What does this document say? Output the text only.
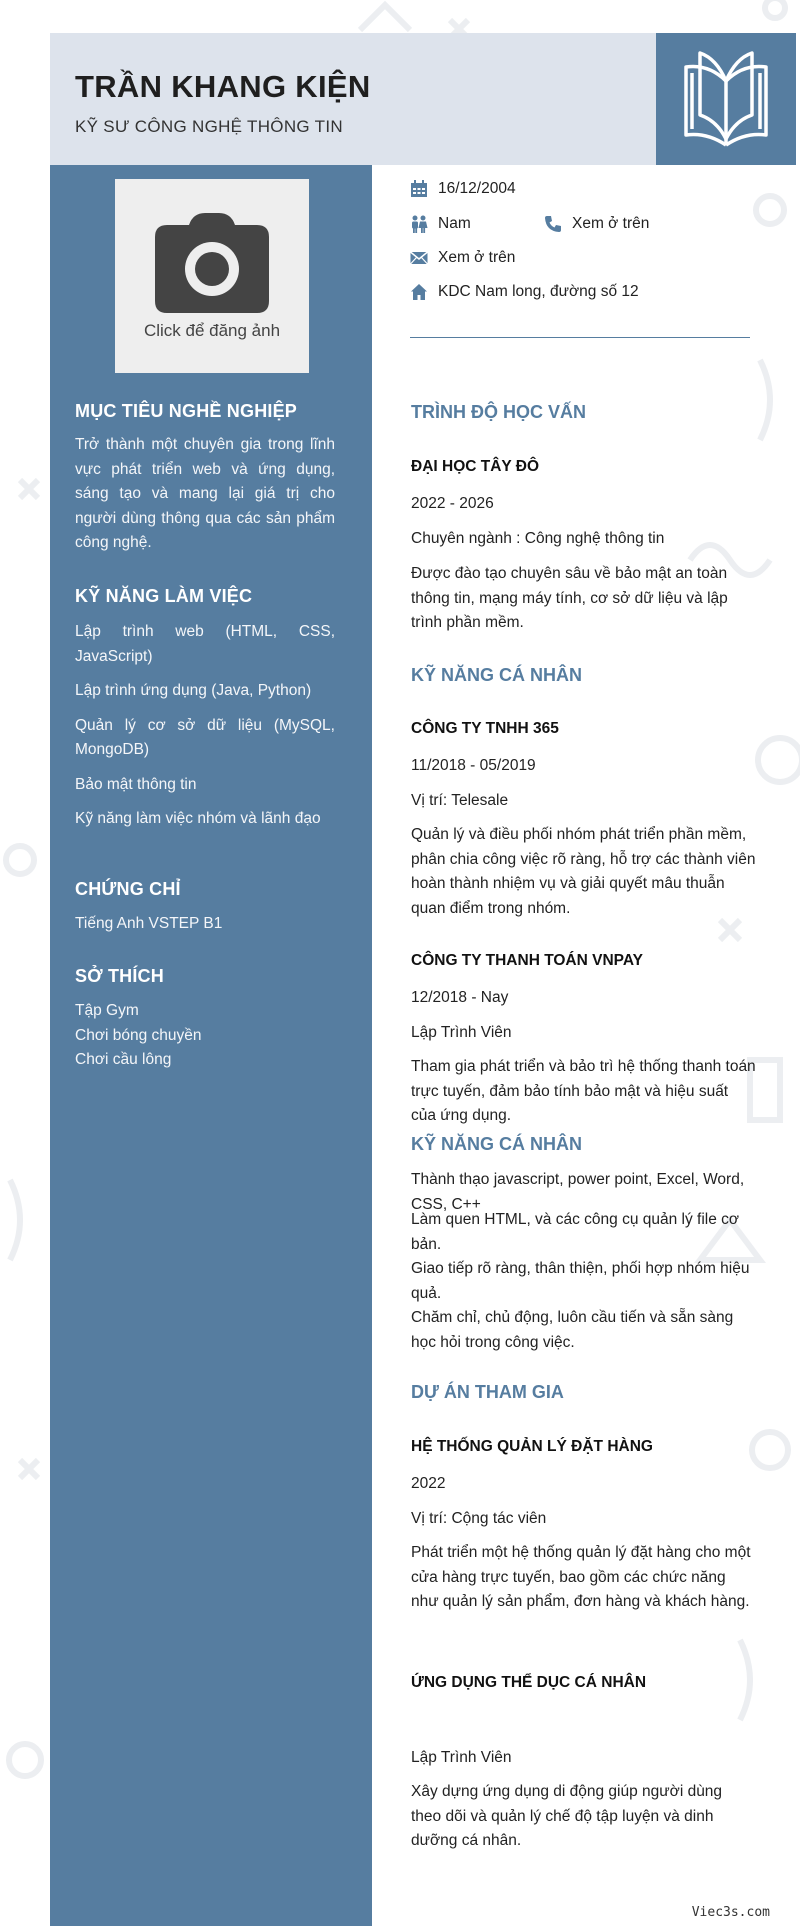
TRẦN KHANG KIỆN
KỸ SƯ CÔNG NGHỆ THÔNG TIN
Click để đăng ảnh
MỤC TIÊU NGHỀ NGHIỆP

Trở thành một chuyên gia trong lĩnh vực phát triển web và ứng dụng, sáng tạo và mang lại giá trị cho người dùng thông qua các sản phẩm công nghệ.

KỸ NĂNG LÀM VIỆC

Lập trình web (HTML, CSS, JavaScript)

Lập trình ứng dụng (Java, Python)

Quản lý cơ sở dữ liệu (MySQL, MongoDB)

Bảo mật thông tin

Kỹ năng làm việc nhóm và lãnh đạo

CHỨNG CHỈ

Tiếng Anh VSTEP B1

SỞ THÍCH

Tập Gym

Chơi bóng chuyền

Chơi cầu lông

16/12/2004
Nam	Xem ở trên
Xem ở trên
KDC Nam long, đường số 12

TRÌNH ĐỘ HỌC VẤN

ĐẠI HỌC TÂY ĐÔ

2022 - 2026

Chuyên ngành : Công nghệ thông tin

Được đào tạo chuyên sâu về bảo mật an toàn thông tin, mạng máy tính, cơ sở dữ liệu và lập trình phần mềm.

KỸ NĂNG CÁ NHÂN

CÔNG TY TNHH 365

11/2018 - 05/2019

Vị trí: Telesale

Quản lý và điều phối nhóm phát triển phần mềm, phân chia công việc rõ ràng, hỗ trợ các thành viên hoàn thành nhiệm vụ và giải quyết mâu thuẫn quan điểm trong nhóm.

CÔNG TY THANH TOÁN VNPAY

12/2018 - Nay

Lập Trình Viên

Tham gia phát triển và bảo trì hệ thống thanh toán trực tuyến, đảm bảo tính bảo mật và hiệu suất của ứng dụng.

KỸ NĂNG CÁ NHÂN

Thành thạo javascript, power point, Excel, Word, CSS, C++

Làm quen HTML, và các công cụ quản lý file cơ bản.

Giao tiếp rõ ràng, thân thiện, phối hợp nhóm hiệu quả.

Chăm chỉ, chủ động, luôn cầu tiến và sẵn sàng học hỏi trong công việc.

DỰ ÁN THAM GIA

HỆ THỐNG QUẢN LÝ ĐẶT HÀNG

2022

Vị trí: Cộng tác viên

Phát triển một hệ thống quản lý đặt hàng cho một cửa hàng trực tuyến, bao gồm các chức năng như quản lý sản phẩm, đơn hàng và khách hàng.

ỨNG DỤNG THỂ DỤC CÁ NHÂN

Lập Trình Viên

Xây dựng ứng dụng di động giúp người dùng theo dõi và quản lý chế độ tập luyện và dinh dưỡng cá nhân.

Viec3s.com
